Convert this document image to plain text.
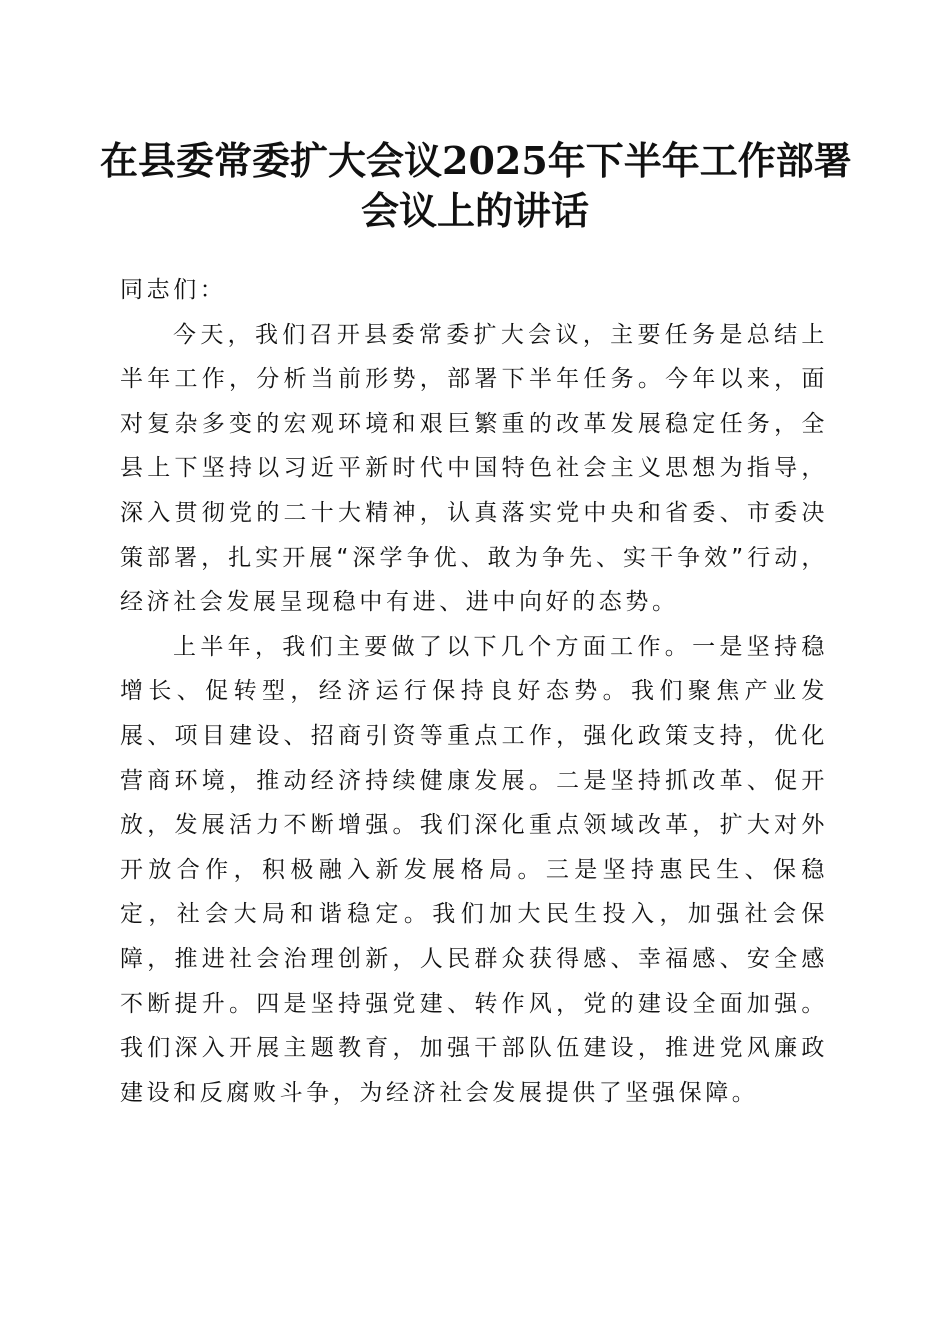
在县委常委扩大会议2025年下半年工作部署
会议上的讲话

同志们：

今天，我们召开县委常委扩大会议，主要任务是总结上半年工作，分析当前形势，部署下半年任务。今年以来，面对复杂多变的宏观环境和艰巨繁重的改革发展稳定任务，全县上下坚持以习近平新时代中国特色社会主义思想为指导，深入贯彻党的二十大精神，认真落实党中央和省委、市委决策部署，扎实开展“深学争优、敢为争先、实干争效”行动，经济社会发展呈现稳中有进、进中向好的态势。

上半年，我们主要做了以下几个方面工作。一是坚持稳增长、促转型，经济运行保持良好态势。我们聚焦产业发展、项目建设、招商引资等重点工作，强化政策支持，优化营商环境，推动经济持续健康发展。二是坚持抓改革、促开放，发展活力不断增强。我们深化重点领域改革，扩大对外开放合作，积极融入新发展格局。三是坚持惠民生、保稳定，社会大局和谐稳定。我们加大民生投入，加强社会保障，推进社会治理创新，人民群众获得感、幸福感、安全感不断提升。四是坚持强党建、转作风，党的建设全面加强。我们深入开展主题教育，加强干部队伍建设，推进党风廉政建设和反腐败斗争，为经济社会发展提供了坚强保障。
